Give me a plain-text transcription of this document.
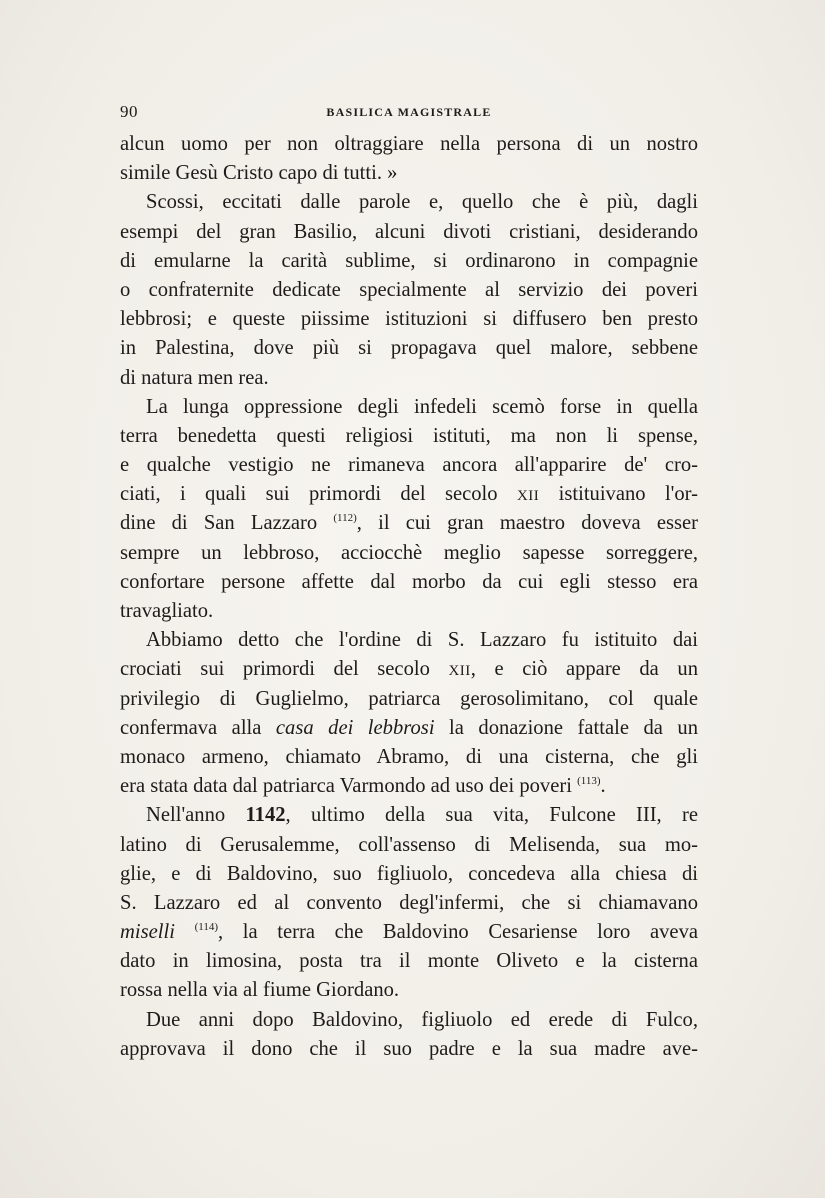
90	BASILICA MAGISTRALE
alcun uomo per non oltraggiare nella persona di un nostro
simile Gesù Cristo capo di tutti. »
Scossi, eccitati dalle parole e, quello che è più, dagli
esempi del gran Basilio, alcuni divoti cristiani, desiderando
di emularne la carità sublime, si ordinarono in compagnie
o confraternite dedicate specialmente al servizio dei poveri
lebbrosi; e queste piissime istituzioni si diffusero ben presto
in Palestina, dove più si propagava quel malore, sebbene
di natura men rea.
La lunga oppressione degli infedeli scemò forse in quella
terra benedetta questi religiosi istituti, ma non li spense,
e qualche vestigio ne rimaneva ancora all'apparire de' cro-
ciati, i quali sui primordi del secolo XII istituivano l'or-
dine di San Lazzaro $^{(112)}$, il cui gran maestro doveva esser
sempre un lebbroso, acciocchè meglio sapesse sorreggere,
confortare persone affette dal morbo da cui egli stesso era
travagliato.
Abbiamo detto che l'ordine di S. Lazzaro fu istituito dai
crociati sui primordi del secolo XII, e ciò appare da un
privilegio di Guglielmo, patriarca gerosolimitano, col quale
confermava alla casa dei lebbrosi la donazione fattale da un
monaco armeno, chiamato Abramo, di una cisterna, che gli
era stata data dal patriarca Varmondo ad uso dei poveri $^{(113)}$.
Nell'anno 1142, ultimo della sua vita, Fulcone III, re
latino di Gerusalemme, coll'assenso di Melisenda, sua mo-
glie, e di Baldovino, suo figliuolo, concedeva alla chiesa di
S. Lazzaro ed al convento degl'infermi, che si chiamavano
miselli $^{(114)}$, la terra che Baldovino Cesariense loro aveva
dato in limosina, posta tra il monte Oliveto e la cisterna
rossa nella via al fiume Giordano.
Due anni dopo Baldovino, figliuolo ed erede di Fulco,
approvava il dono che il suo padre e la sua madre ave-
